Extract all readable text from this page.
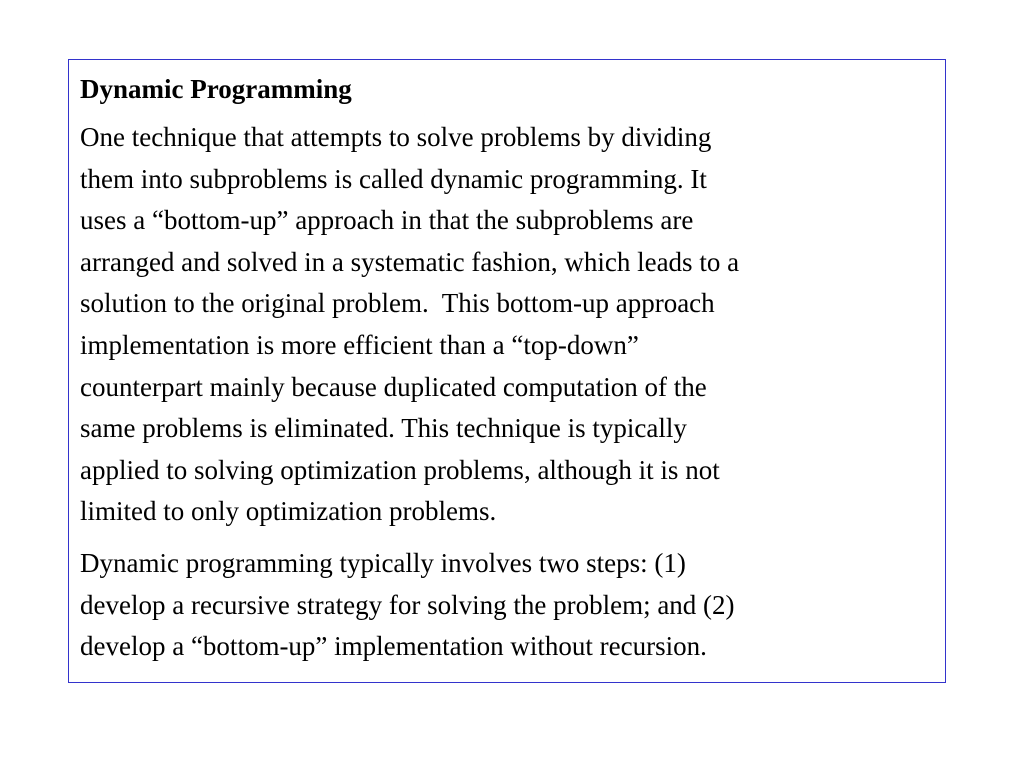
Dynamic Programming
One technique that attempts to solve problems by dividing
them into subproblems is called dynamic programming. It
uses a “bottom-up” approach in that the subproblems are
arranged and solved in a systematic fashion, which leads to a
solution to the original problem.  This bottom-up approach
implementation is more efficient than a “top-down”
counterpart mainly because duplicated computation of the
same problems is eliminated. This technique is typically
applied to solving optimization problems, although it is not
limited to only optimization problems.
Dynamic programming typically involves two steps: (1)
develop a recursive strategy for solving the problem; and (2)
develop a “bottom-up” implementation without recursion.
